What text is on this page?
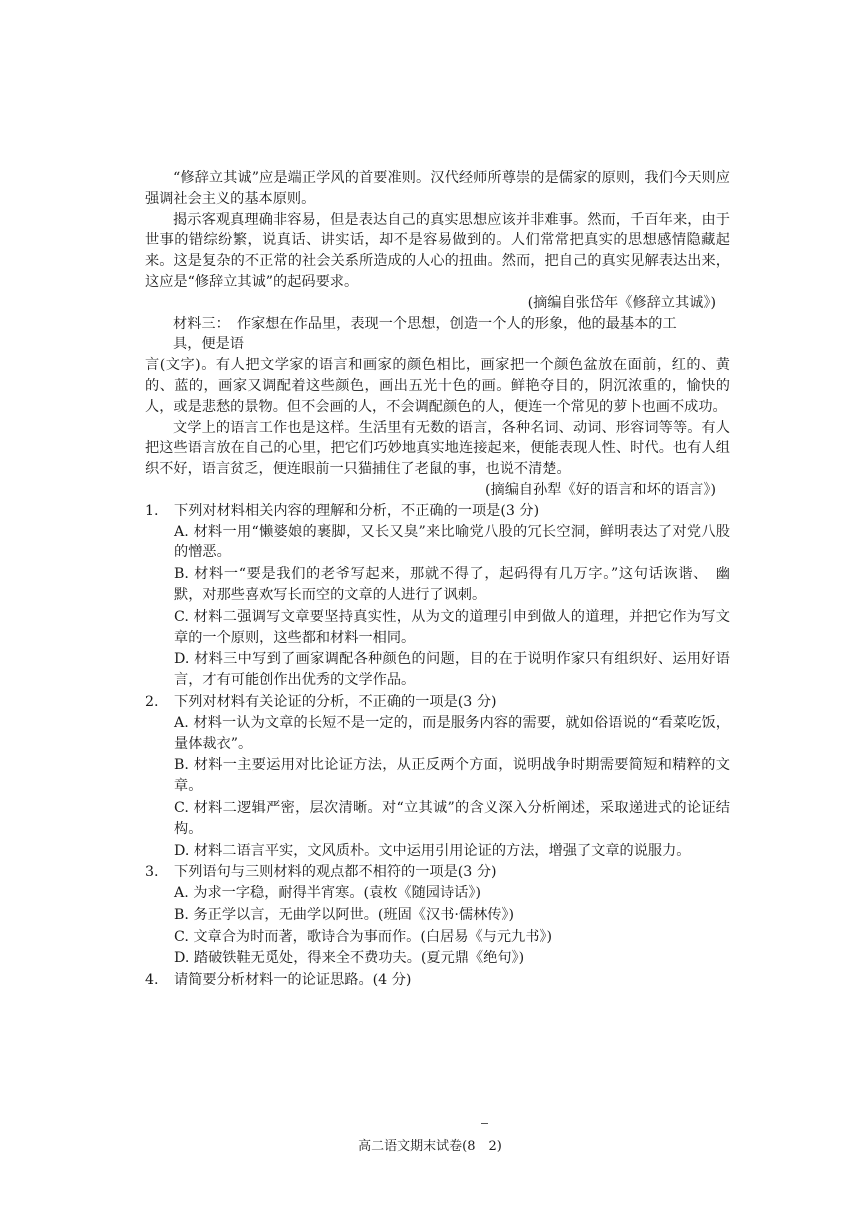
“修辞立其诚”应是端正学风的首要准则。汉代经师所尊崇的是儒家的原则，我们今天则应强调社会主义的基本原则。

揭示客观真理确非容易，但是表达自己的真实思想应该并非难事。然而，千百年来，由于世事的错综纷繁，说真话、讲实话，却不是容易做到的。人们常常把真实的思想感情隐藏起来。这是复杂的不正常的社会关系所造成的人心的扭曲。然而，把自己的真实见解表达出来，这应是“修辞立其诚”的起码要求。

(摘编自张岱年《修辞立其诚》)

材料三：　作家想在作品里，表现一个思想，创造一个人的形象，他的最基本的工

具，便是语

言(文字)。有人把文学家的语言和画家的颜色相比，画家把一个颜色盆放在面前，红的、黄的、蓝的，画家又调配着这些颜色，画出五光十色的画。鲜艳夺目的，阴沉浓重的，愉快的人，或是悲愁的景物。但不会画的人，不会调配颜色的人，便连一个常见的萝卜也画不成功。

文学上的语言工作也是这样。生活里有无数的语言，各种名词、动词、形容词等等。有人把这些语言放在自己的心里，把它们巧妙地真实地连接起来，便能表现人性、时代。也有人组织不好，语言贫乏，便连眼前一只猫捕住了老鼠的事，也说不清楚。

(摘编自孙犁《好的语言和坏的语言》)

1. 下列对材料相关内容的理解和分析，不正确的一项是(3 分)

A. 材料一用“懒婆娘的裹脚，又长又臭”来比喻党八股的冗长空洞，鲜明表达了对党八股的憎恶。

B. 材料一“要是我们的老爷写起来，那就不得了，起码得有几万字。”这句话诙谐、　幽默，对那些喜欢写长而空的文章的人进行了讽刺。

C. 材料二强调写文章要坚持真实性，从为文的道理引申到做人的道理，并把它作为写文章的一个原则，这些都和材料一相同。

D. 材料三中写到了画家调配各种颜色的问题，目的在于说明作家只有组织好、运用好语言，才有可能创作出优秀的文学作品。

2. 下列对材料有关论证的分析，不正确的一项是(3 分)

A. 材料一认为文章的长短不是一定的，而是服务内容的需要，就如俗语说的“看菜吃饭，量体裁衣”。

B. 材料一主要运用对比论证方法，从正反两个方面，说明战争时期需要简短和精粹的文章。

C. 材料二逻辑严密，层次清晰。对“立其诚”的含义深入分析阐述，采取递进式的论证结构。

D. 材料二语言平实，文风质朴。文中运用引用论证的方法，增强了文章的说服力。

3. 下列语句与三则材料的观点都不相符的一项是(3 分)

A. 为求一字稳，耐得半宵寒。(袁枚《随园诗话》)

B. 务正学以言，无曲学以阿世。(班固《汉书·儒林传》)

C. 文章合为时而著，歌诗合为事而作。(白居易《与元九书》)

D. 踏破铁鞋无觅处，得来全不费功夫。(夏元鼎《绝句》)

4. 请简要分析材料一的论证思路。(4 分)
高二语文期末试卷(8　2)
